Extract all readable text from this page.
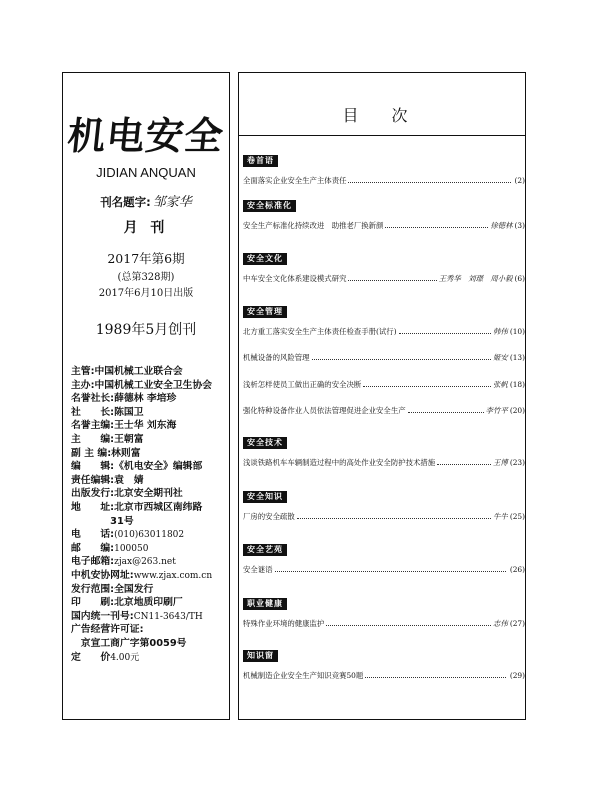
机电安全
JIDIAN ANQUAN
刊名题字: 邹家华
月 刊
2017年第6期
(总第328期)
2017年6月10日出版
1989年5月创刊
主管:中国机械工业联合会
主办:中国机械工业安全卫生协会
名誉社长:薛德林 李培珍
社　　长:陈国卫
名誉主编:王士华 刘东海
主　　编:王朝富
副 主 编:林则富
编　　辑:《机电安全》编辑部
责任编辑:袁　婧
出版发行:北京安全期刊社
地　　址:北京市西城区南纬路
　　　　31号
电　　话:(010)63011802
邮　　编:100050
电子邮箱:zjax@263.net
中机安协网址:www.zjax.com.cn
发行范围:全国发行
印　　刷:北京地质印刷厂
国内统一刊号:CN11-3643/TH
广告经营许可证:
　京宣工商广字第0059号
定　　价4.00元
目 次
卷首语
全面落实企业安全生产主体责任	(2)
安全标准化
安全生产标准化持续改进　助推老厂换新颜	徐德林 (3)
安全文化
中车安全文化体系建设模式研究	王秀华　刘璟　周小毅 (6)
安全管理
北方重工落实安全生产主体责任检查手册(试行)	韩伟 (10)
机械设备的风险管理	姬安 (13)
浅析怎样使员工做出正确的安全决断	张帆 (18)
强化特种设备作业人员依法管理促进企业安全生产	李竹平 (20)
安全技术
浅谈铁路机车车辆制造过程中的高处作业安全防护技术措施	王博 (23)
安全知识
厂房的安全疏散	牛牛 (25)
安全艺苑
安全谜语	(26)
职业健康
特殊作业环境的健康监护	志伟 (27)
知识窗
机械制造企业安全生产知识竞赛50题	(29)
